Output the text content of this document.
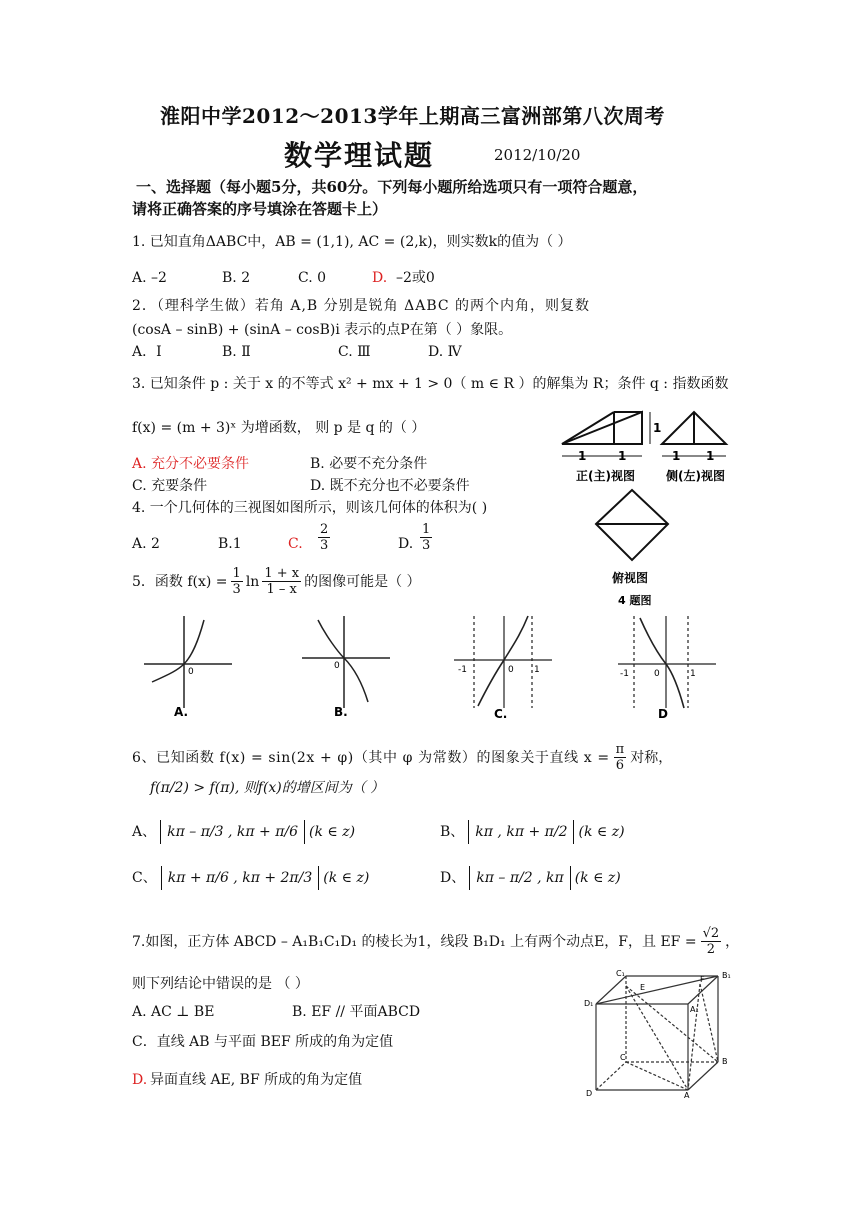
淮阳中学2012～2013学年上期高三富洲部第八次周考
数学理试题	2012/10/20
一、选择题（每小题5分，共60分。下列每小题所给选项只有一项符合题意，
请将正确答案的序号填涂在答题卡上）
1. 已知直角ΔABC中，AB = (1,1), AC = (2,k)，则实数k的值为（ ）
A. –2	B. 2	C. 0	D. –2或0
2．（理科学生做）若角 A,B 分别是锐角 ΔABC 的两个内角，则复数
(cosA – sinB) + (sinA – cosB)i 表示的点P在第（ ）象限。
A．Ⅰ	B. Ⅱ	C. Ⅲ	D. Ⅳ
3. 已知条件 p : 关于 x 的不等式 x² + mx + 1 > 0（ m ∈ R ）的解集为 R；条件 q : 指数函数
f(x) = (m + 3)ˣ 为增函数， 则 p 是 q 的（ ）
A. 充分不必要条件	B. 必要不充分条件
C. 充要条件	D. 既不充分也不必要条件
4. 一个几何体的三视图如图所示，则该几何体的体积为( )
A. 2	B.1	C. $\frac{2}{3}$	D. $\frac{1}{3}$
1	1
1
正(主)视图
1 1
侧(左)视图
俯视图
4 题图
5．函数 $f(x) = \frac{1}{3}$ $\ln \frac{1 + x}{1 - x}$ 的图像可能是（ ）
0
A.
0
B.
-1	0 1
C.
-1	0	1
D
6、已知函数 f(x) = sin(2x + φ)（其中 φ 为常数）的图象关于直线 $x = \frac{\pi}{6}$ 对称，
f(π/2) > f(π), 则f(x)的增区间为（ ）
A、 kπ – π/3 , kπ + π/6 (k ∈ z)	B、 kπ , kπ + π/2 (k ∈ z)
C、 kπ + π/6 , kπ + 2π/3 (k ∈ z)	D、 kπ – π/2 , kπ (k ∈ z)
7.如图，正方体 ABCD – A₁B₁C₁D₁ 的棱长为1，线段 B₁D₁ 上有两个动点E，F，且 EF = $\frac{√2}{2}$ ，
则下列结论中错误的是 （ ）
A. AC ⊥ BE	B. EF // 平面ABCD
C．直线 AB 与平面 BEF 所成的角为定值
D. 异面直线 AE, BF 所成的角为定值
C₁	B₁
D₁
E
F
A₁
C	B
D	A
